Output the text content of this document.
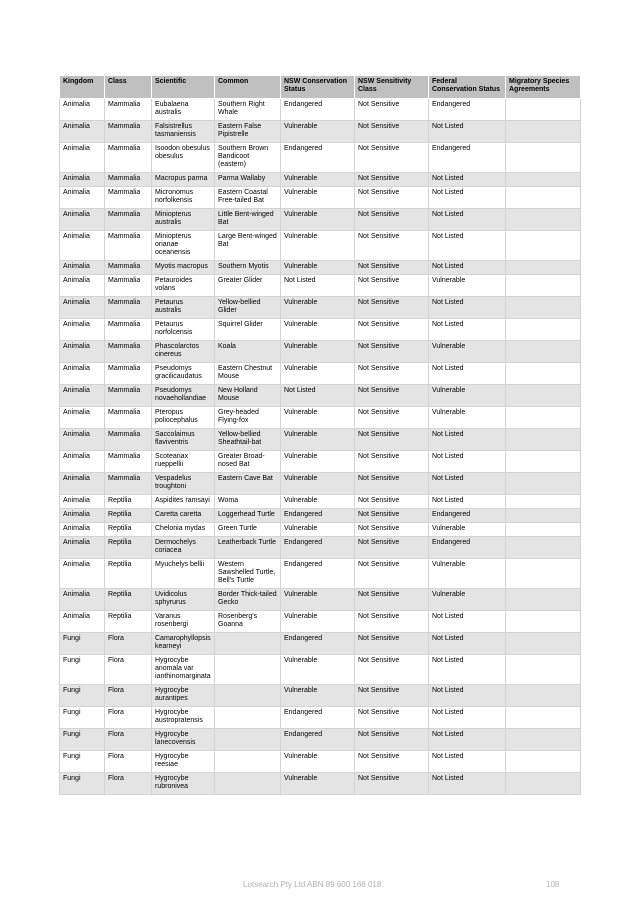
Kingdom	Class	Scientific	Common	NSW Conservation Status	NSW Sensitivity Class	Federal Conservation Status	Migratory Species Agreements
Animalia	Mammalia	Eubalaena australis	Southern Right Whale	Endangered	Not Sensitive	Endangered	
Animalia	Mammalia	Falsistrellus tasmaniensis	Eastern False Pipistrelle	Vulnerable	Not Sensitive	Not Listed	
Animalia	Mammalia	Isoodon obesulus obesulus	Southern Brown Bandicoot (eastern)	Endangered	Not Sensitive	Endangered	
Animalia	Mammalia	Macropus parma	Parma Wallaby	Vulnerable	Not Sensitive	Not Listed	
Animalia	Mammalia	Micronomus norfolkensis	Eastern Coastal Free-tailed Bat	Vulnerable	Not Sensitive	Not Listed	
Animalia	Mammalia	Miniopterus australis	Little Bent-winged Bat	Vulnerable	Not Sensitive	Not Listed	
Animalia	Mammalia	Miniopterus orianae oceanensis	Large Bent-winged Bat	Vulnerable	Not Sensitive	Not Listed	
Animalia	Mammalia	Myotis macropus	Southern Myotis	Vulnerable	Not Sensitive	Not Listed	
Animalia	Mammalia	Petauroides volans	Greater Glider	Not Listed	Not Sensitive	Vulnerable	
Animalia	Mammalia	Petaurus australis	Yellow-bellied Glider	Vulnerable	Not Sensitive	Not Listed	
Animalia	Mammalia	Petaurus norfolcensis	Squirrel Glider	Vulnerable	Not Sensitive	Not Listed	
Animalia	Mammalia	Phascolarctos cinereus	Koala	Vulnerable	Not Sensitive	Vulnerable	
Animalia	Mammalia	Pseudomys gracilicaudatus	Eastern Chestnut Mouse	Vulnerable	Not Sensitive	Not Listed	
Animalia	Mammalia	Pseudomys novaehollandiae	New Holland Mouse	Not Listed	Not Sensitive	Vulnerable	
Animalia	Mammalia	Pteropus poliocephalus	Grey-headed Flying-fox	Vulnerable	Not Sensitive	Vulnerable	
Animalia	Mammalia	Saccolaimus flaviventris	Yellow-bellied Sheathtail-bat	Vulnerable	Not Sensitive	Not Listed	
Animalia	Mammalia	Scoteanax rueppellii	Greater Broad-nosed Bat	Vulnerable	Not Sensitive	Not Listed	
Animalia	Mammalia	Vespadelus troughtoni	Eastern Cave Bat	Vulnerable	Not Sensitive	Not Listed	
Animalia	Reptilia	Aspidites ramsayi	Woma	Vulnerable	Not Sensitive	Not Listed	
Animalia	Reptilia	Caretta caretta	Loggerhead Turtle	Endangered	Not Sensitive	Endangered	
Animalia	Reptilia	Chelonia mydas	Green Turtle	Vulnerable	Not Sensitive	Vulnerable	
Animalia	Reptilia	Dermochelys coriacea	Leatherback Turtle	Endangered	Not Sensitive	Endangered	
Animalia	Reptilia	Myuchelys bellii	Western Sawshelled Turtle, Bell's Turtle	Endangered	Not Sensitive	Vulnerable	
Animalia	Reptilia	Uvidicolus sphyrurus	Border Thick-tailed Gecko	Vulnerable	Not Sensitive	Vulnerable	
Animalia	Reptilia	Varanus rosenbergi	Rosenberg's Goanna	Vulnerable	Not Sensitive	Not Listed	
Fungi	Flora	Camarophyllopsis kearneyi		Endangered	Not Sensitive	Not Listed	
Fungi	Flora	Hygrocybe anomala var ianthinomarginata		Vulnerable	Not Sensitive	Not Listed	
Fungi	Flora	Hygrocybe aurantipes		Vulnerable	Not Sensitive	Not Listed	
Fungi	Flora	Hygrocybe austropratensis		Endangered	Not Sensitive	Not Listed	
Fungi	Flora	Hygrocybe lanecovensis		Endangered	Not Sensitive	Not Listed	
Fungi	Flora	Hygrocybe reesiae		Vulnerable	Not Sensitive	Not Listed	
Fungi	Flora	Hygrocybe rubronivea		Vulnerable	Not Sensitive	Not Listed	
Lotsearch Pty Ltd ABN 89 600 168 018	108
